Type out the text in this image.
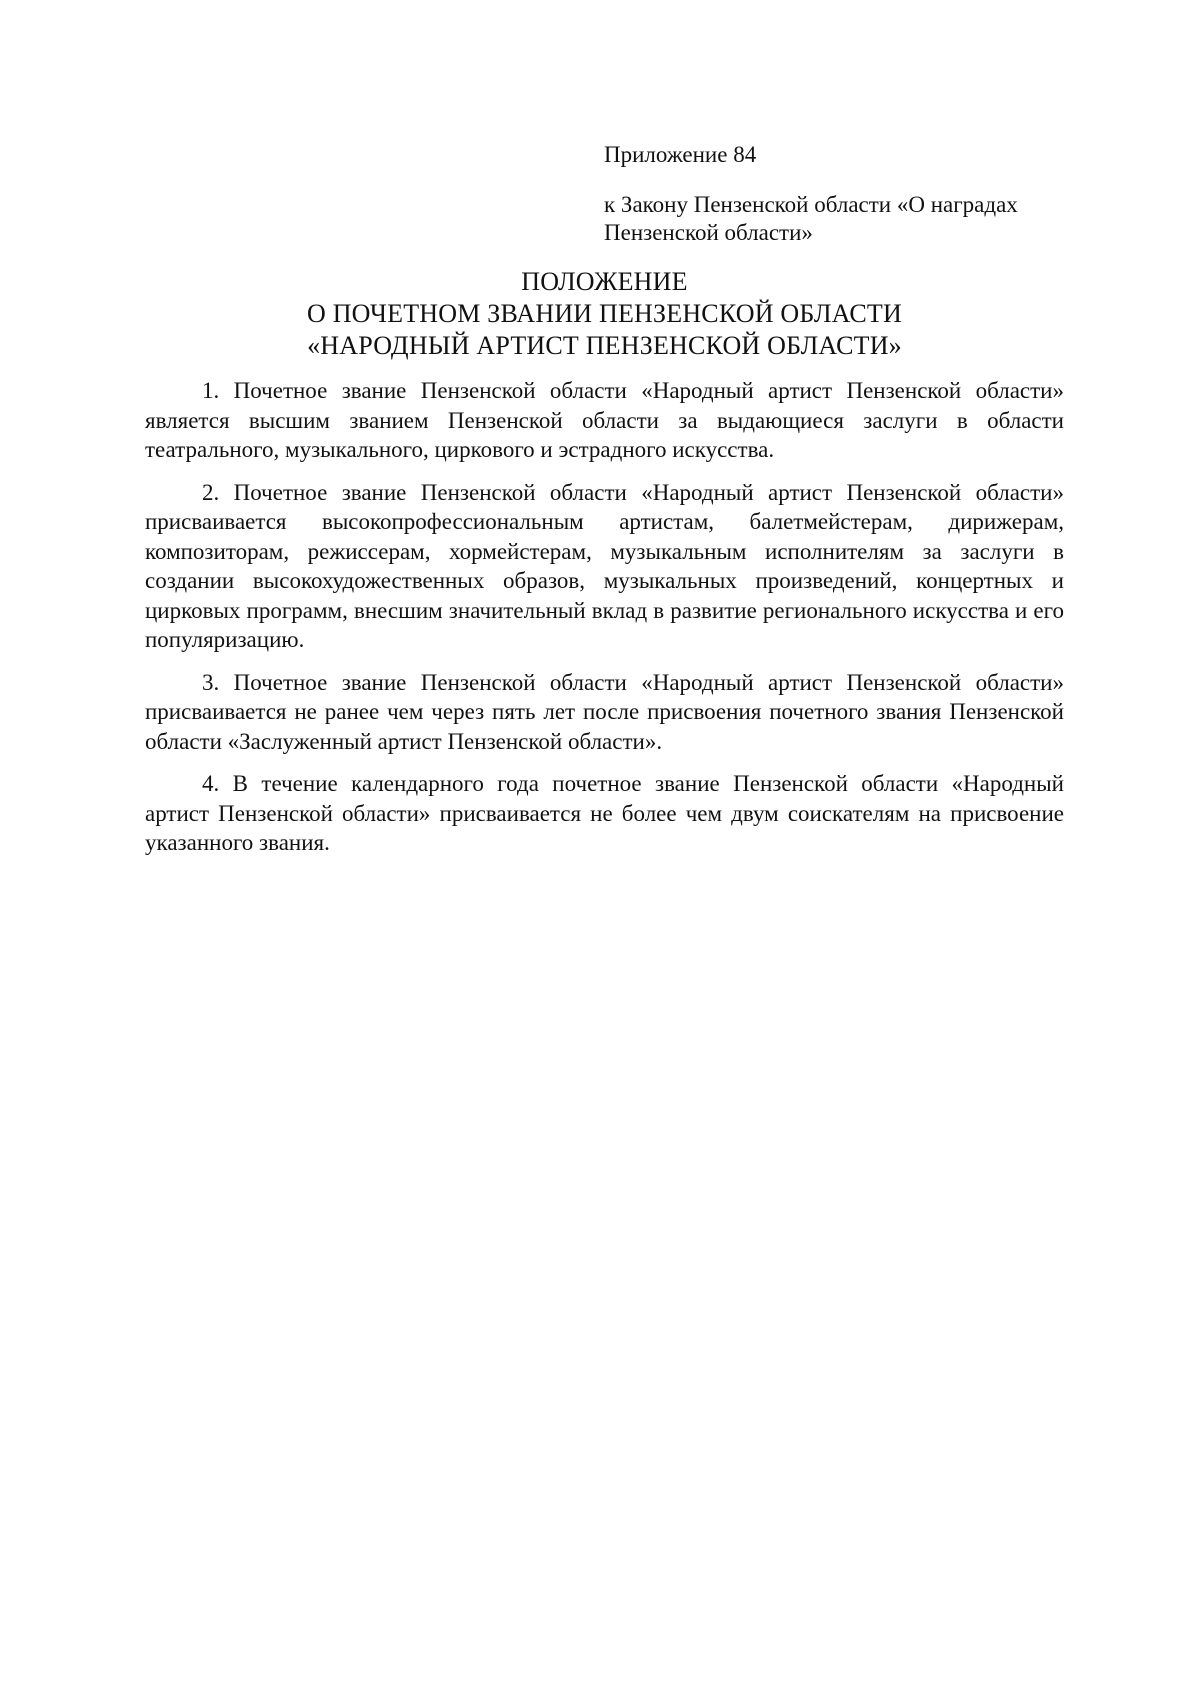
Приложение 84
к Закону Пензенской области «О наградах
Пензенской области»
ПОЛОЖЕНИЕ
О ПОЧЕТНОМ ЗВАНИИ ПЕНЗЕНСКОЙ ОБЛАСТИ
«НАРОДНЫЙ АРТИСТ ПЕНЗЕНСКОЙ ОБЛАСТИ»

1. Почетное звание Пензенской области «Народный артист Пензенской области» является высшим званием Пензенской области за выдающиеся заслуги в области театрального, музыкального, циркового и эстрадного искусства.

2. Почетное звание Пензенской области «Народный артист Пензенской области» присваивается высокопрофессиональным артистам, балетмейстерам, дирижерам, композиторам, режиссерам, хормейстерам, музыкальным исполнителям за заслуги в создании высокохудожественных образов, музыкальных произведений, концертных и цирковых программ, внесшим значительный вклад в развитие регионального искусства и его популяризацию.

3. Почетное звание Пензенской области «Народный артист Пензенской области» присваивается не ранее чем через пять лет после присвоения почетного звания Пензенской области «Заслуженный артист Пензенской области».

4. В течение календарного года почетное звание Пензенской области «Народный артист Пензенской области» присваивается не более чем двум соискателям на присвоение указанного звания.
